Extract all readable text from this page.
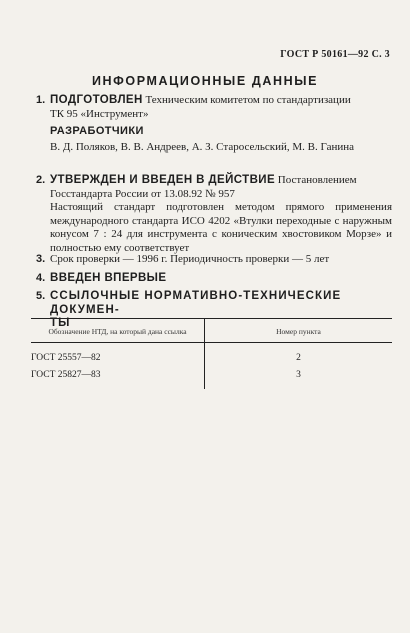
ГОСТ Р 50161—92 С. 3
ИНФОРМАЦИОННЫЕ ДАННЫЕ
1. ПОДГОТОВЛЕН Техническим комитетом по стандартизации
ТК 95 «Инструмент»
РАЗРАБОТЧИКИ
В. Д. Поляков, В. В. Андреев, А. З. Старосельский, М. В. Ганина
2. УТВЕРЖДЕН И ВВЕДЕН В ДЕЙСТВИЕ Постановлением
Госстандарта России от 13.08.92 № 957
Настоящий стандарт подготовлен методом прямого применения международного стандарта ИСО 4202 «Втулки переходные с наружным конусом 7 : 24 для инструмента с коническим хвостовиком Морзе» и полностью ему соответствует
3. Срок проверки — 1996 г. Периодичность проверки — 5 лет
4. ВВЕДЕН ВПЕРВЫЕ
5. ССЫЛОЧНЫЕ НОРМАТИВНО-ТЕХНИЧЕСКИЕ ДОКУМЕН-
ТЫ
Обозначение НТД, на который дана ссылка	Номер пункта
ГОСТ 25557—82	2
ГОСТ 25827—83	3
